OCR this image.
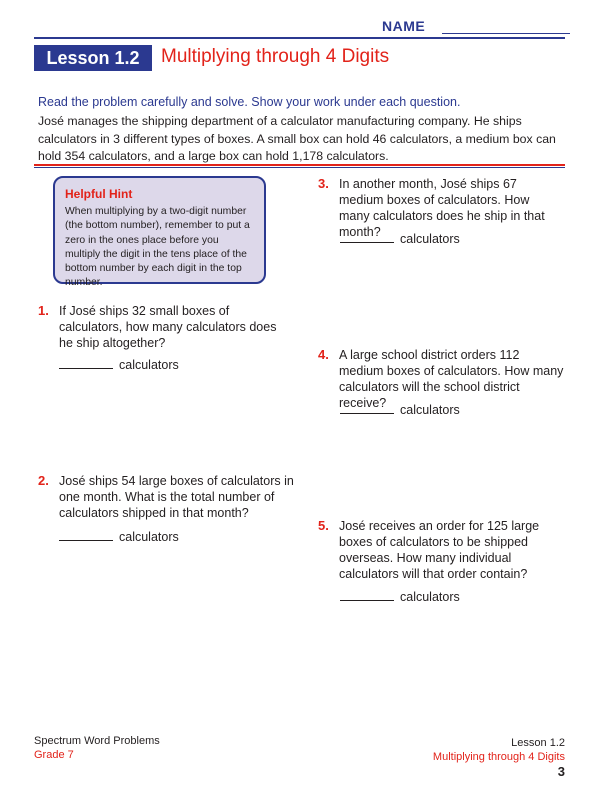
NAME
Lesson 1.2	Multiplying through 4 Digits
Read the problem carefully and solve. Show your work under each question.
José manages the shipping department of a calculator manufacturing company. He ships calculators in 3 different types of boxes. A small box can hold 46 calculators, a medium box can hold 354 calculators, and a large box can hold 1,178 calculators.
Helpful Hint
When multiplying by a two-digit number (the bottom number), remember to put a zero in the ones place before you multiply the digit in the tens place of the bottom number by each digit in the top number.
1. If José ships 32 small boxes of calculators, how many calculators does he ship altogether?
calculators
2. José ships 54 large boxes of calculators in one month. What is the total number of calculators shipped in that month?
calculators
3. In another month, José ships 67 medium boxes of calculators. How many calculators does he ship in that month?	calculators
4. A large school district orders 112 medium boxes of calculators. How many calculators will the school district receive?	calculators
5. José receives an order for 125 large boxes of calculators to be shipped overseas. How many individual calculators will that order contain?
calculators
Spectrum Word Problems
Grade 7
Lesson 1.2
Multiplying through 4 Digits
3
